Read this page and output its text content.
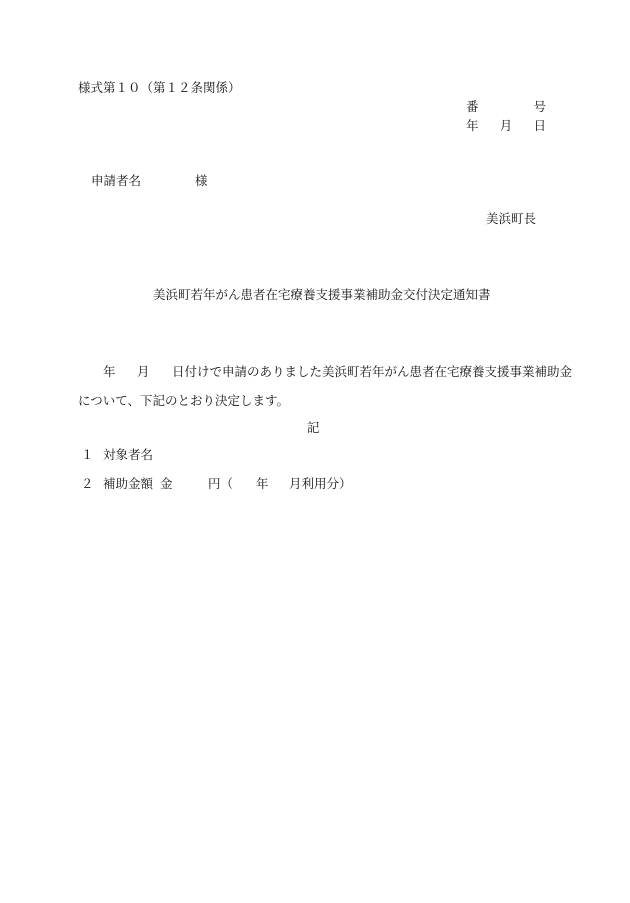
様式第１０（第１２条関係）
番	号
年 月 日
申請者名	様
美浜町長
美浜町若年がん患者在宅療養支援事業補助金交付決定通知書
年 月 日付けで申請のありました美浜町若年がん患者在宅療養支援事業補助金
について、下記のとおり決定します。
記
１ 対象者名
２ 補助金額 金	円（ 年 月利用分）
